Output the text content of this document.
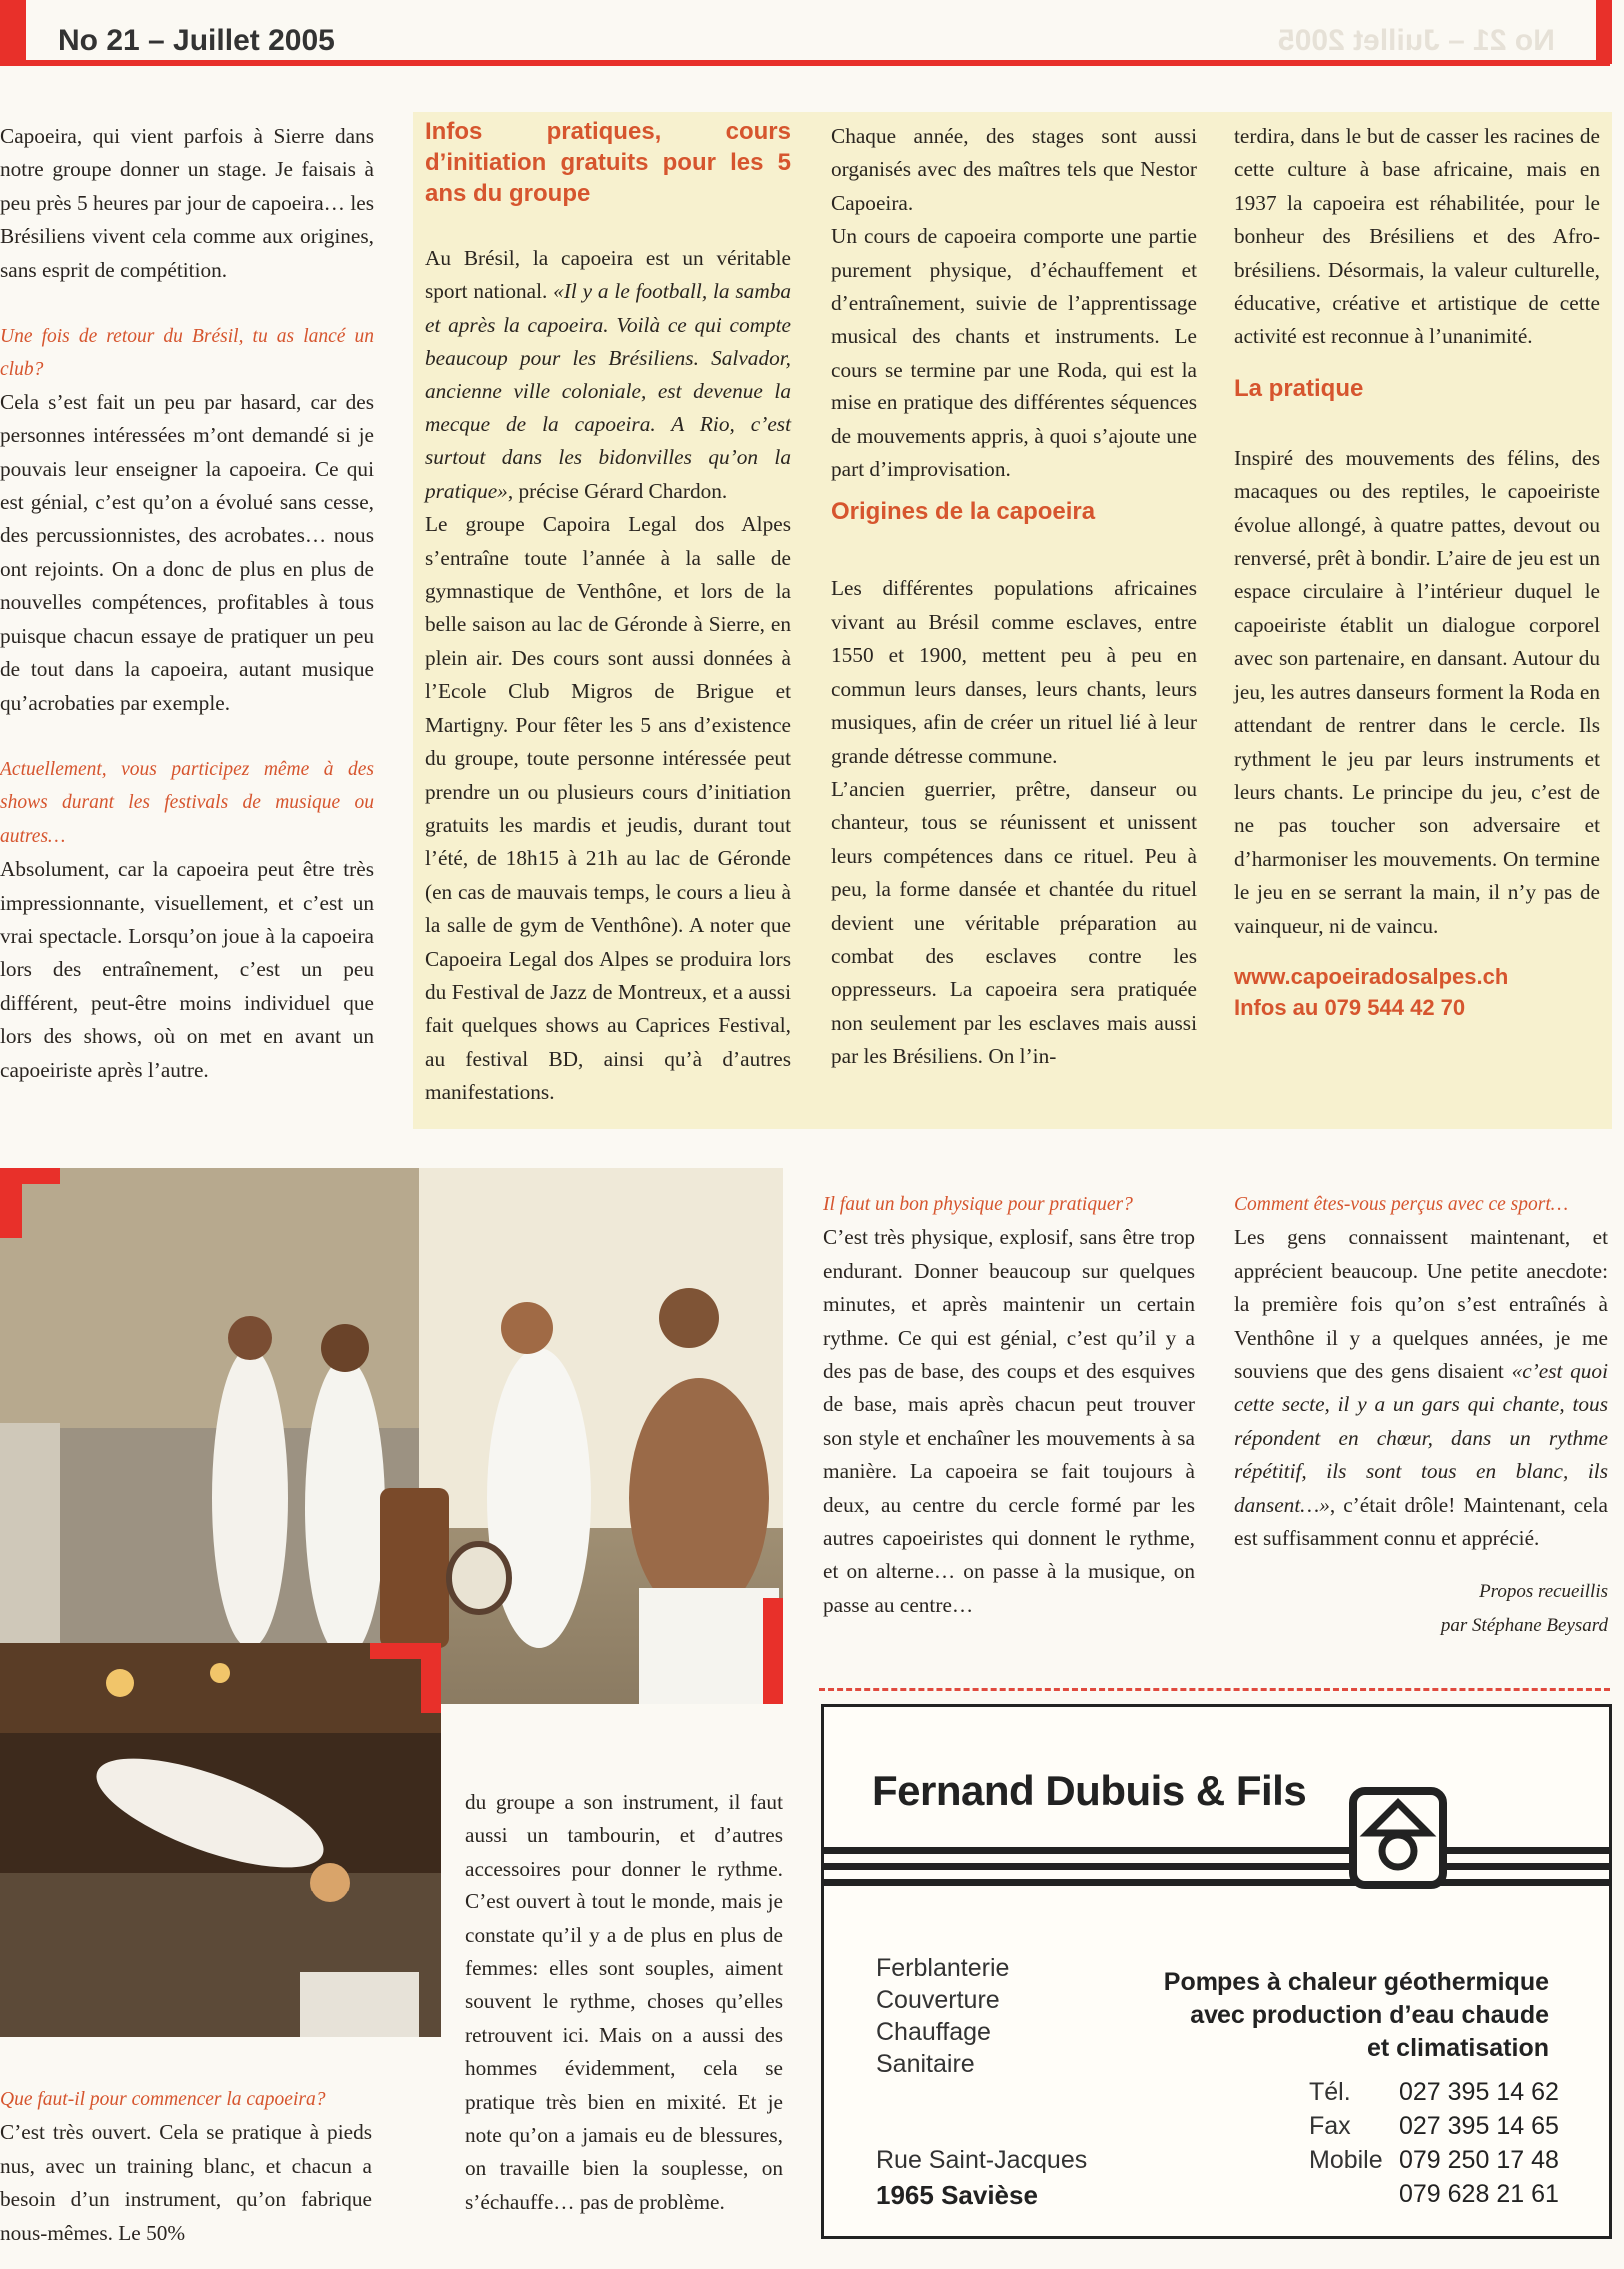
No 21 – Juillet 2005	No 21 – Juillet 2005

Capoeira, qui vient parfois à Sierre dans notre groupe donner un stage. Je faisais à peu près 5 heures par jour de capoeira… les Brésiliens vivent cela comme aux origines, sans esprit de compétition.

Une fois de retour du Brésil, tu as lancé un club?

Cela s’est fait un peu par hasard, car des personnes intéressées m’ont demandé si je pouvais leur enseigner la capoeira. Ce qui est génial, c’est qu’on a évolué sans cesse, des percussionnistes, des acrobates… nous ont rejoints. On a donc de plus en plus de nouvelles compétences, profitables à tous puisque chacun essaye de pratiquer un peu de tout dans la capoeira, autant musique qu’acrobaties par exemple.

Actuellement, vous participez même à des shows durant les festivals de musique ou autres…

Absolument, car la capoeira peut être très impressionnante, visuellement, et c’est un vrai spectacle. Lorsqu’on joue à la capoeira lors des entraînement, c’est un peu différent, peut-être moins individuel que lors des shows, où on met en avant un capoeiriste après l’autre.

Infos pratiques, cours d’initiation gratuits pour les 5 ans du groupe

Au Brésil, la capoeira est un véritable sport national. «Il y a le football, la samba et après la capoeira. Voilà ce qui compte beaucoup pour les Brésiliens. Salvador, ancienne ville coloniale, est devenue la mecque de la capoeira. A Rio, c’est surtout dans les bidonvilles qu’on la pratique», précise Gérard Chardon.

Le groupe Capoira Legal dos Alpes s’entraîne toute l’année à la salle de gymnastique de Venthône, et lors de la belle saison au lac de Géronde à Sierre, en plein air. Des cours sont aussi données à l’Ecole Club Migros de Brigue et Martigny. Pour fêter les 5 ans d’existence du groupe, toute personne intéressée peut prendre un ou plusieurs cours d’initiation gratuits les mardis et jeudis, durant tout l’été, de 18h15 à 21h au lac de Géronde (en cas de mauvais temps, le cours a lieu à la salle de gym de Venthône). A noter que Capoeira Legal dos Alpes se produira lors du Festival de Jazz de Montreux, et a aussi fait quelques shows au Caprices Festival, au festival BD, ainsi qu’à d’autres manifestations.

Chaque année, des stages sont aussi organisés avec des maîtres tels que Nestor Capoeira.

Un cours de capoeira comporte une partie purement physique, d’échauffement et d’entraînement, suivie de l’apprentissage musical des chants et instruments. Le cours se termine par une Roda, qui est la mise en pratique des différentes séquences de mouvements appris, à quoi s’ajoute une part d’improvisation.

Origines de la capoeira

Les différentes populations africaines vivant au Brésil comme esclaves, entre 1550 et 1900, mettent peu à peu en commun leurs danses, leurs chants, leurs musiques, afin de créer un rituel lié à leur grande détresse commune.

L’ancien guerrier, prêtre, danseur ou chanteur, tous se réunissent et unissent leurs compétences dans ce rituel. Peu à peu, la forme dansée et chantée du rituel devient une véritable préparation au combat des esclaves contre les oppresseurs. La capoeira sera pratiquée non seulement par les esclaves mais aussi par les Brésiliens. On l’in-

terdira, dans le but de casser les racines de cette culture à base africaine, mais en 1937 la capoeira est réhabilitée, pour le bonheur des Brésiliens et des Afro-brésiliens. Désormais, la valeur culturelle, éducative, créative et artistique de cette activité est reconnue à l’unanimité.

La pratique

Inspiré des mouvements des félins, des macaques ou des reptiles, le capoeiriste évolue allongé, à quatre pattes, devout ou renversé, prêt à bondir. L’aire de jeu est un espace circulaire à l’intérieur duquel le capoeiriste établit un dialogue corporel avec son partenaire, en dansant. Autour du jeu, les autres danseurs forment la Roda en attendant de rentrer dans le cercle. Ils rythment le jeu par leurs instruments et leurs chants. Le principe du jeu, c’est de ne pas toucher son adversaire et d’harmoniser les mouvements. On termine le jeu en se serrant la main, il n’y pas de vainqueur, ni de vaincu.

www.capoeiradosalpes.ch

Infos au 079 544 42 70

Il faut un bon physique pour pratiquer?

C’est très physique, explosif, sans être trop endurant. Donner beaucoup sur quelques minutes, et après maintenir un certain rythme. Ce qui est génial, c’est qu’il y a des pas de base, des coups et des esquives de base, mais après chacun peut trouver son style et enchaîner les mouvements à sa manière. La capoeira se fait toujours à deux, au centre du cercle formé par les autres capoeiristes qui donnent le rythme, et on alterne… on passe à la musique, on passe au centre…

Comment êtes-vous perçus avec ce sport…

Les gens connaissent maintenant, et apprécient beaucoup. Une petite anecdote: la première fois qu’on s’est entraînés à Venthône il y a quelques années, je me souviens que des gens disaient «c’est quoi cette secte, il y a un gars qui chante, tous répondent en chœur, dans un rythme répétitif, ils sont tous en blanc, ils dansent…», c’était drôle! Maintenant, cela est suffisamment connu et apprécié.

Propos recueillis

par Stéphane Beysard

Que faut-il pour commencer la capoeira?

C’est très ouvert. Cela se pratique à pieds nus, avec un training blanc, et chacun a besoin d’un instrument, qu’on fabrique nous-mêmes. Le 50%

du groupe a son instrument, il faut aussi un tambourin, et d’autres accessoires pour donner le rythme. C’est ouvert à tout le monde, mais je constate qu’il y a de plus en plus de femmes: elles sont souples, aiment souvent le rythme, choses qu’elles retrouvent ici. Mais on a aussi des hommes évidemment, cela se pratique très bien en mixité. Et je note qu’on a jamais eu de blessures, on travaille bien la souplesse, on s’échauffe… pas de problème.

Fernand Dubuis & Fils
Ferblanterie
Couverture
Chauffage
Sanitaire
Pompes à chaleur géothermique
avec production d’eau chaude
et climatisation
Tél. 027 395 14 62
Fax 027 395 14 65
Mobile 079 250 17 48
079 628 21 61
Rue Saint-Jacques
1965 Savièse
